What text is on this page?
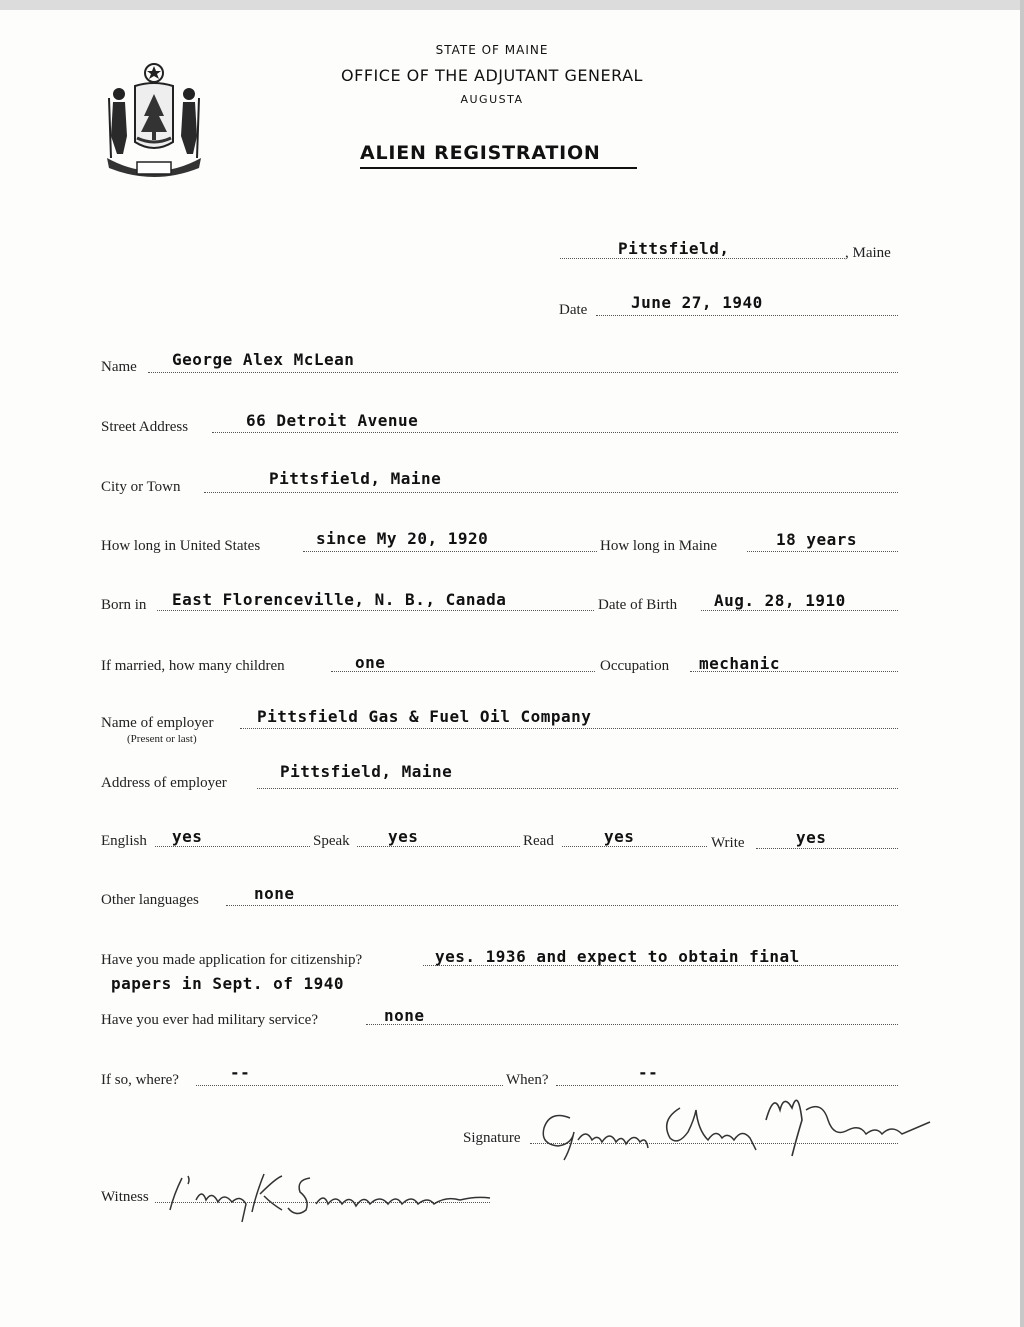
STATE OF MAINE
OFFICE OF THE ADJUTANT GENERAL
AUGUSTA
ALIEN REGISTRATION
Pittsfield,	, Maine
Date	June 27, 1940
Name George Alex McLean
Street Address	66 Detroit Avenue
City or Town	Pittsfield, Maine
How long in United States	since My 20, 1920	How long in Maine	18 years
Born in East Florenceville, N. B., Canada	Date of Birth Aug. 28, 1910
If married, how many children	one	Occupation mechanic
Name of employer
(Present or last)
Pittsfield Gas & Fuel Oil Company
Address of employer
Pittsfield, Maine
English yes	Speak yes	Read	yes	Write	yes
Other languages	none
Have you made application for citizenship?	yes. 1936 and expect to obtain final
papers in Sept. of 1940
Have you ever had military service?	none
If so, where?	--	When?	--
Signature
Witness
